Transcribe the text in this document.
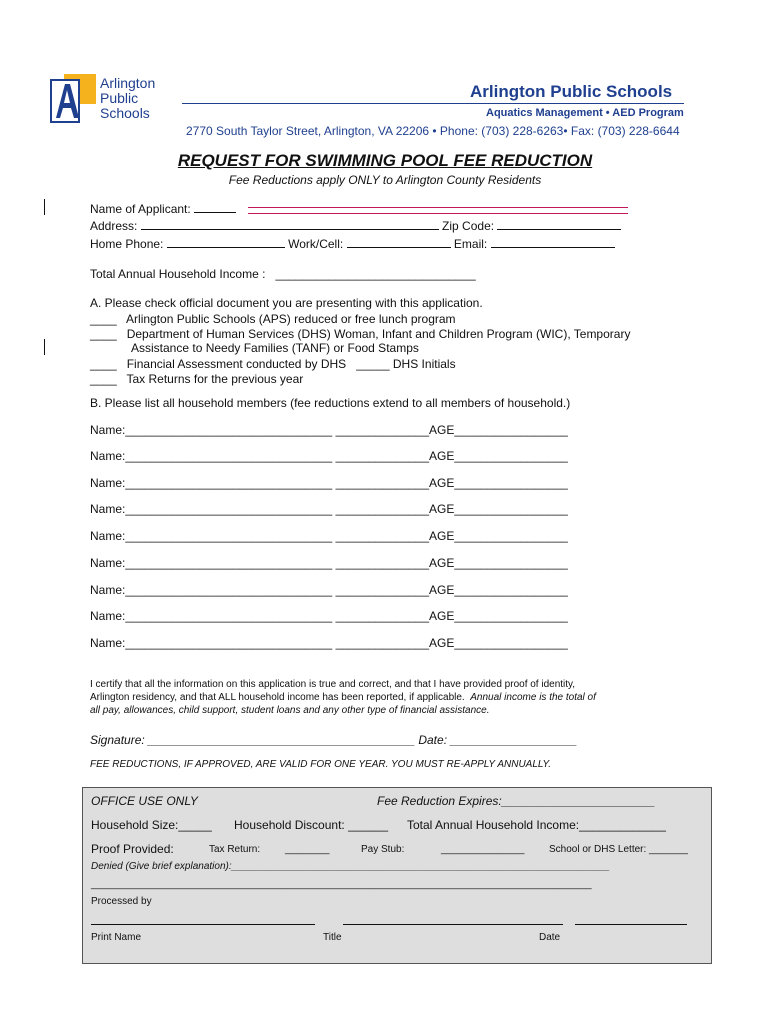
Arlington
Public
Schools
Arlington Public Schools
Aquatics Management • AED Program
2770 South Taylor Street, Arlington, VA 22206 • Phone: (703) 228-6263• Fax: (703) 228-6644
REQUEST FOR SWIMMING POOL FEE REDUCTION
Fee Reductions apply ONLY to Arlington County Residents
Name of Applicant:
Address:	Zip Code:
Home Phone:	Work/Cell:	Email:
Total Annual Household Income : ______________________________
A. Please check official document you are presenting with this application.
____ Arlington Public Schools (APS) reduced or free lunch program
____ Department of Human Services (DHS) Woman, Infant and Children Program (WIC), Temporary
Assistance to Needy Families (TANF) or Food Stamps
____ Financial Assessment conducted by DHS _____ DHS Initials
____ Tax Returns for the previous year
B. Please list all household members (fee reductions extend to all members of household.)
Name:_______________________________ ______________AGE_________________
Name:_______________________________ ______________AGE_________________
Name:_______________________________ ______________AGE_________________
Name:_______________________________ ______________AGE_________________
Name:_______________________________ ______________AGE_________________
Name:_______________________________ ______________AGE_________________
Name:_______________________________ ______________AGE_________________
Name:_______________________________ ______________AGE_________________
Name:_______________________________ ______________AGE_________________
I certify that all the information on this application is true and correct, and that I have provided proof of identity,
Arlington residency, and that ALL household income has been reported, if applicable. Annual income is the total of
all pay, allowances, child support, student loans and any other type of financial assistance.
Signature: ________________________________________ Date: ___________________
FEE REDUCTIONS, IF APPROVED, ARE VALID FOR ONE YEAR. YOU MUST RE-APPLY ANNUALLY.
OFFICE USE ONLY	Fee Reduction Expires:_______________________
Household Size:_____ Household Discount: ______ Total Annual Household Income:_____________
Proof Provided:	Tax Return: ________	Pay Stub:	_______________ School or DHS Letter: _______
Denied (Give brief explanation):____________________________________________________________________
__________________________________________________________________________________________
Processed by
Print Name	Title	Date
